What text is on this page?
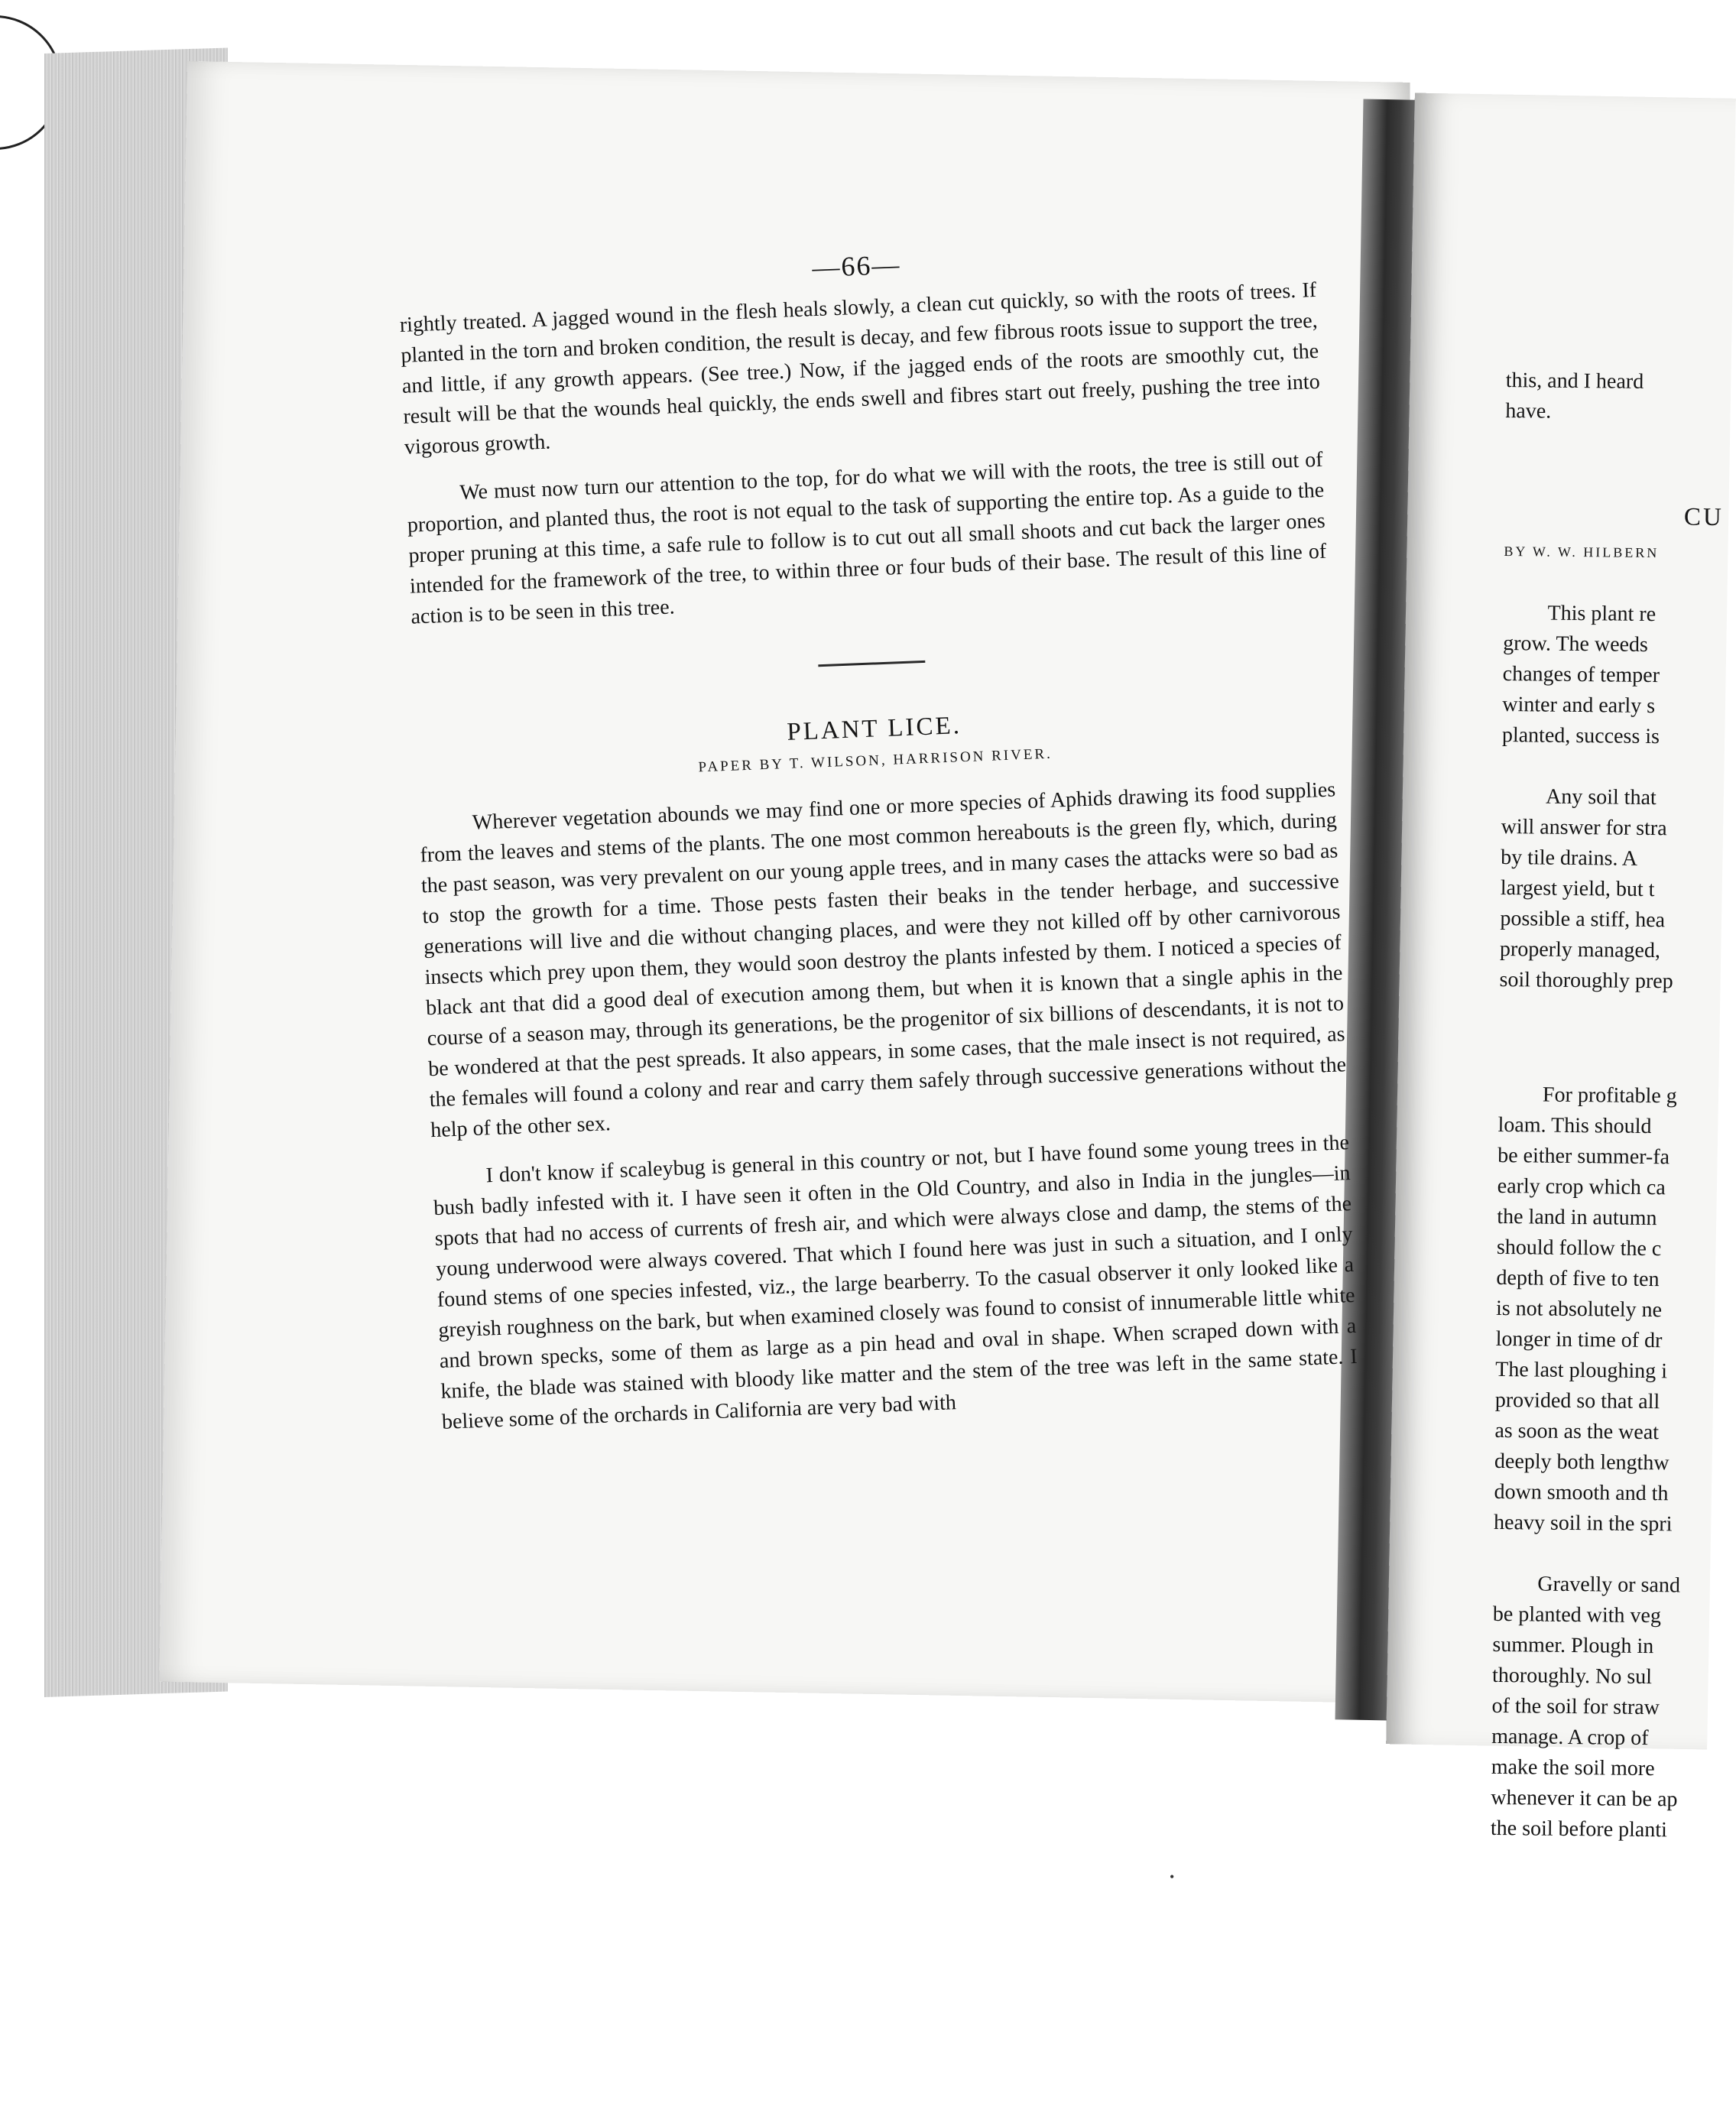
—66—

rightly treated. A jagged wound in the flesh heals slowly, a clean cut quickly, so with the roots of trees. If planted in the torn and broken condition, the result is decay, and few fibrous roots issue to support the tree, and little, if any growth appears. (See tree.) Now, if the jagged ends of the roots are smoothly cut, the result will be that the wounds heal quickly, the ends swell and fibres start out freely, pushing the tree into vigorous growth.

We must now turn our attention to the top, for do what we will with the roots, the tree is still out of proportion, and planted thus, the root is not equal to the task of supporting the entire top. As a guide to the proper pruning at this time, a safe rule to follow is to cut out all small shoots and cut back the larger ones intended for the framework of the tree, to within three or four buds of their base. The result of this line of action is to be seen in this tree.

PLANT LICE.
PAPER BY T. WILSON, HARRISON RIVER.

Wherever vegetation abounds we may find one or more species of Aphids drawing its food supplies from the leaves and stems of the plants. The one most common hereabouts is the green fly, which, during the past season, was very prevalent on our young apple trees, and in many cases the attacks were so bad as to stop the growth for a time. Those pests fasten their beaks in the tender herbage, and successive generations will live and die without changing places, and were they not killed off by other carnivorous insects which prey upon them, they would soon destroy the plants infested by them. I noticed a species of black ant that did a good deal of execution among them, but when it is known that a single aphis in the course of a season may, through its generations, be the progenitor of six billions of descendants, it is not to be wondered at that the pest spreads. It also appears, in some cases, that the male insect is not required, as the females will found a colony and rear and carry them safely through successive generations without the help of the other sex.

I don't know if scaleybug is general in this country or not, but I have found some young trees in the bush badly infested with it. I have seen it often in the Old Country, and also in India in the jungles—in spots that had no access of currents of fresh air, and which were always close and damp, the stems of the young underwood were always covered. That which I found here was just in such a situation, and I only found stems of one species infested, viz., the large bearberry. To the casual observer it only looked like a greyish roughness on the bark, but when examined closely was found to consist of innumerable little white and brown specks, some of them as large as a pin head and oval in shape. When scraped down with a knife, the blade was stained with bloody like matter and the stem of the tree was left in the same state. I believe some of the orchards in California are very bad with

•

this, and I heard

have.

CU
BY W. W. HILBERN

This plant re

grow. The weeds

changes of temper

winter and early s

planted, success is

Any soil that

will answer for stra

by tile drains. A

largest yield, but t

possible a stiff, hea

properly managed,

soil thoroughly prep

For profitable g

loam. This should

be either summer-fa

early crop which ca

the land in autumn

should follow the c

depth of five to ten

is not absolutely ne

longer in time of dr

The last ploughing i

provided so that all

as soon as the weat

deeply both lengthw

down smooth and th

heavy soil in the spri

Gravelly or sand

be planted with veg

summer. Plough in

thoroughly. No sul

of the soil for straw

manage. A crop of

make the soil more

whenever it can be ap

the soil before planti
